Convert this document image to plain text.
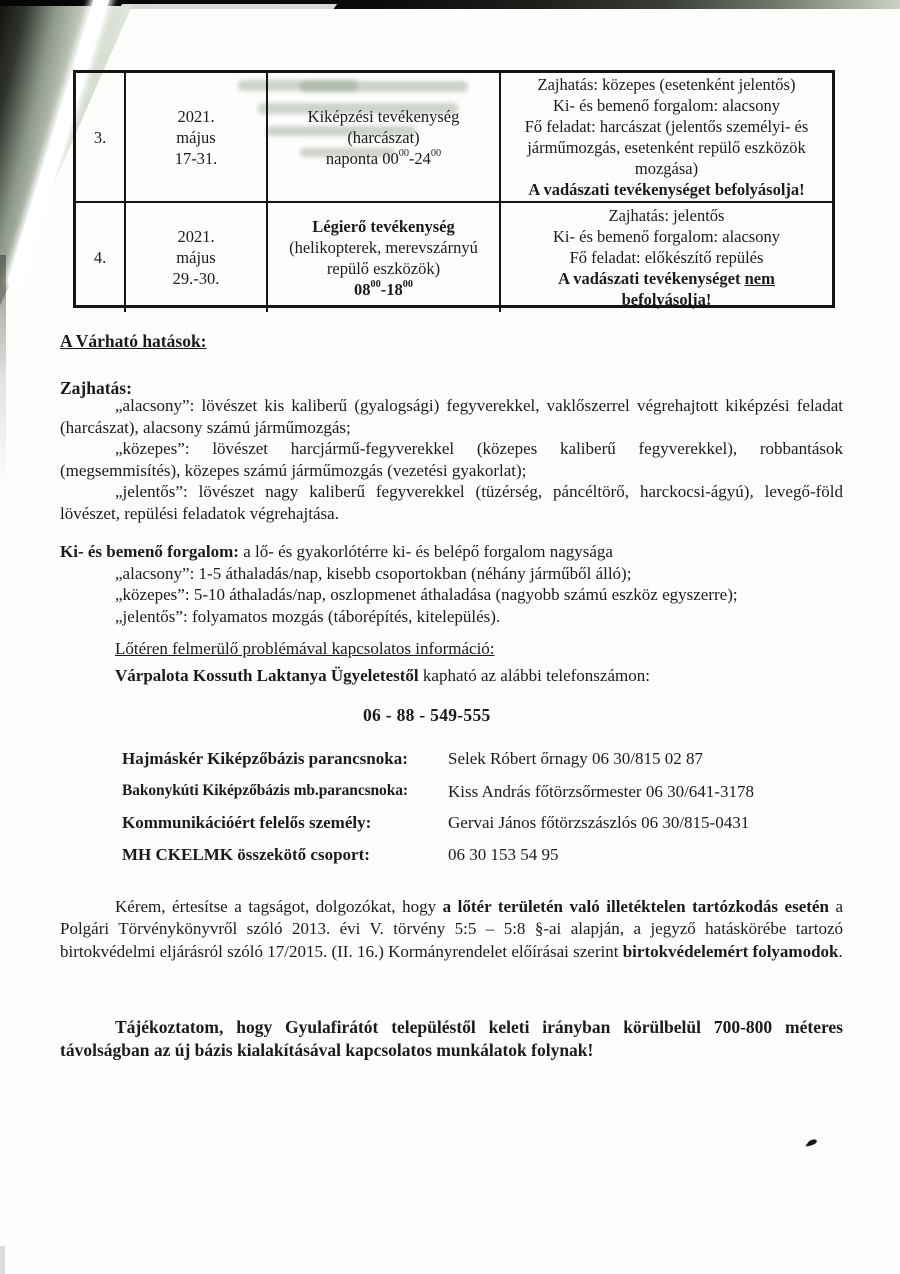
3.
2021.
május
17-31.
Kiképzési tevékenység
(harcászat)
naponta $00^{00}-24^{00}$
Zajhatás: közepes (esetenként jelentős)
Ki- és bemenő forgalom: alacsony
Fő feladat: harcászat (jelentős személyi- és járműmozgás, esetenként repülő eszközök mozgása)
A vadászati tevékenységet befolyásolja!
4.
2021.
május
29.-30.
Légierő tevékenység
(helikopterek, merevszárnyú repülő eszközök)
$08^{00}-18^{00}$
Zajhatás: jelentős
Ki- és bemenő forgalom: alacsony
Fő feladat: előkészítő repülés
A vadászati tevékenységet nem
befolyásolja!
A Várható hatások:
Zajhatás:

„alacsony”: lövészet kis kaliberű (gyalogsági) fegyverekkel, vaklőszerrel végrehajtott kiképzési feladat (harcászat), alacsony számú járműmozgás;

„közepes”: lövészet harcjármű-fegyverekkel (közepes kaliberű fegyverekkel), robbantások (megsemmisítés), közepes számú járműmozgás (vezetési gyakorlat);

„jelentős”: lövészet nagy kaliberű fegyverekkel (tüzérség, páncéltörő, harckocsi-ágyú), levegő-föld lövészet, repülési feladatok végrehajtása.

Ki- és bemenő forgalom: a lő- és gyakorlótérre ki- és belépő forgalom nagysága
„alacsony”: 1-5 áthaladás/nap, kisebb csoportokban (néhány járműből álló);
„közepes”: 5-10 áthaladás/nap, oszlopmenet áthaladása (nagyobb számú eszköz egyszerre);
„jelentős”: folyamatos mozgás (táborépítés, kitelepülés).
Lőtéren felmerülő problémával kapcsolatos információ:
Várpalota Kossuth Laktanya Ügyeletestől kapható az alábbi telefonszámon:
06 - 88 - 549-555
Hajmáskér Kiképzőbázis parancsnoka: Selek Róbert őrnagy 06 30/815 02 87
Bakonykúti Kiképzőbázis mb.parancsnoka: Kiss András főtörzsőrmester 06 30/641-3178
Kommunikációért felelős személy:	Gervai János főtörzszászlós 06 30/815-0431
MH CKELMK összekötő csoport:	06 30 153 54 95
Kérem, értesítse a tagságot, dolgozókat, hogy a lőtér területén való illetéktelen tartózkodás esetén a Polgári Törvénykönyvről szóló 2013. évi V. törvény 5:5 – 5:8 §-ai alapján, a jegyző hatáskörébe tartozó birtokvédelmi eljárásról szóló 17/2015. (II. 16.) Kormányrendelet előírásai szerint birtokvédelemért folyamodok.
Tájékoztatom, hogy Gyulafirátót településtől keleti irányban körülbelül 700-800 méteres távolságban az új bázis kialakításával kapcsolatos munkálatok folynak!
